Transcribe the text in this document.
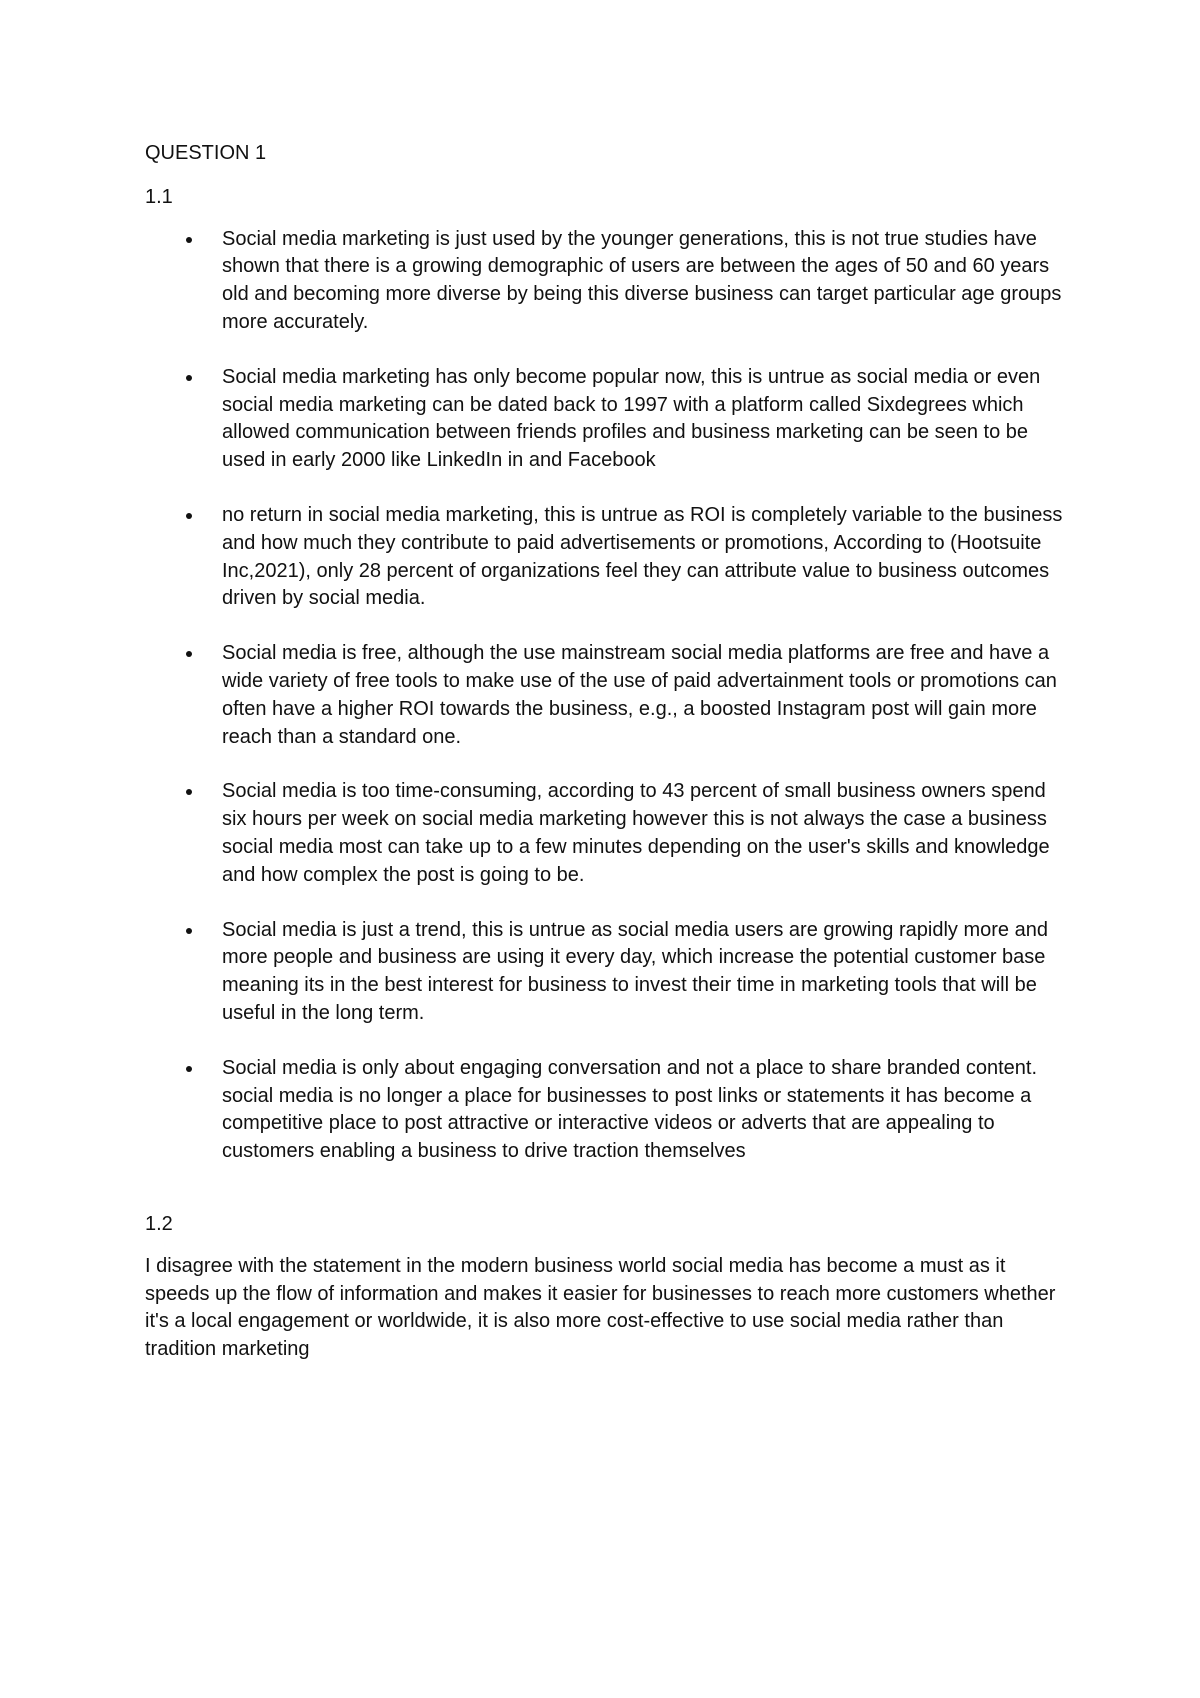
QUESTION 1
1.1
Social media marketing is just used by the younger generations, this is not true studies have shown that there is a growing demographic of users are between the ages of 50 and 60 years old and becoming more diverse by being this diverse business can target particular age groups more accurately.
Social media marketing has only become popular now, this is untrue as social media or even social media marketing can be dated back to 1997 with a platform called Sixdegrees which allowed communication between friends profiles and business marketing can be seen to be used in early 2000 like LinkedIn in and Facebook
no return in social media marketing, this is untrue as ROI is completely variable to the business and how much they contribute to paid advertisements or promotions, According to (Hootsuite Inc,2021), only 28 percent of organizations feel they can attribute value to business outcomes driven by social media.
Social media is free, although the use mainstream social media platforms are free and have a wide variety of free tools to make use of the use of paid advertainment tools or promotions can often have a higher ROI towards the business, e.g., a boosted Instagram post will gain more reach than a standard one.
Social media is too time-consuming, according to 43 percent of small business owners spend six hours per week on social media marketing however this is not always the case a business social media most can take up to a few minutes depending on the user's skills and knowledge and how complex the post is going to be.
Social media is just a trend, this is untrue as social media users are growing rapidly more and more people and business are using it every day, which increase the potential customer base meaning its in the best interest for business to invest their time in marketing tools that will be useful in the long term.
Social media is only about engaging conversation and not a place to share branded content. social media is no longer a place for businesses to post links or statements it has become a competitive place to post attractive or interactive videos or adverts that are appealing to customers enabling a business to drive traction themselves
1.2

I disagree with the statement in the modern business world social media has become a must as it speeds up the flow of information and makes it easier for businesses to reach more customers whether it's a local engagement or worldwide, it is also more cost-effective to use social media rather than tradition marketing
